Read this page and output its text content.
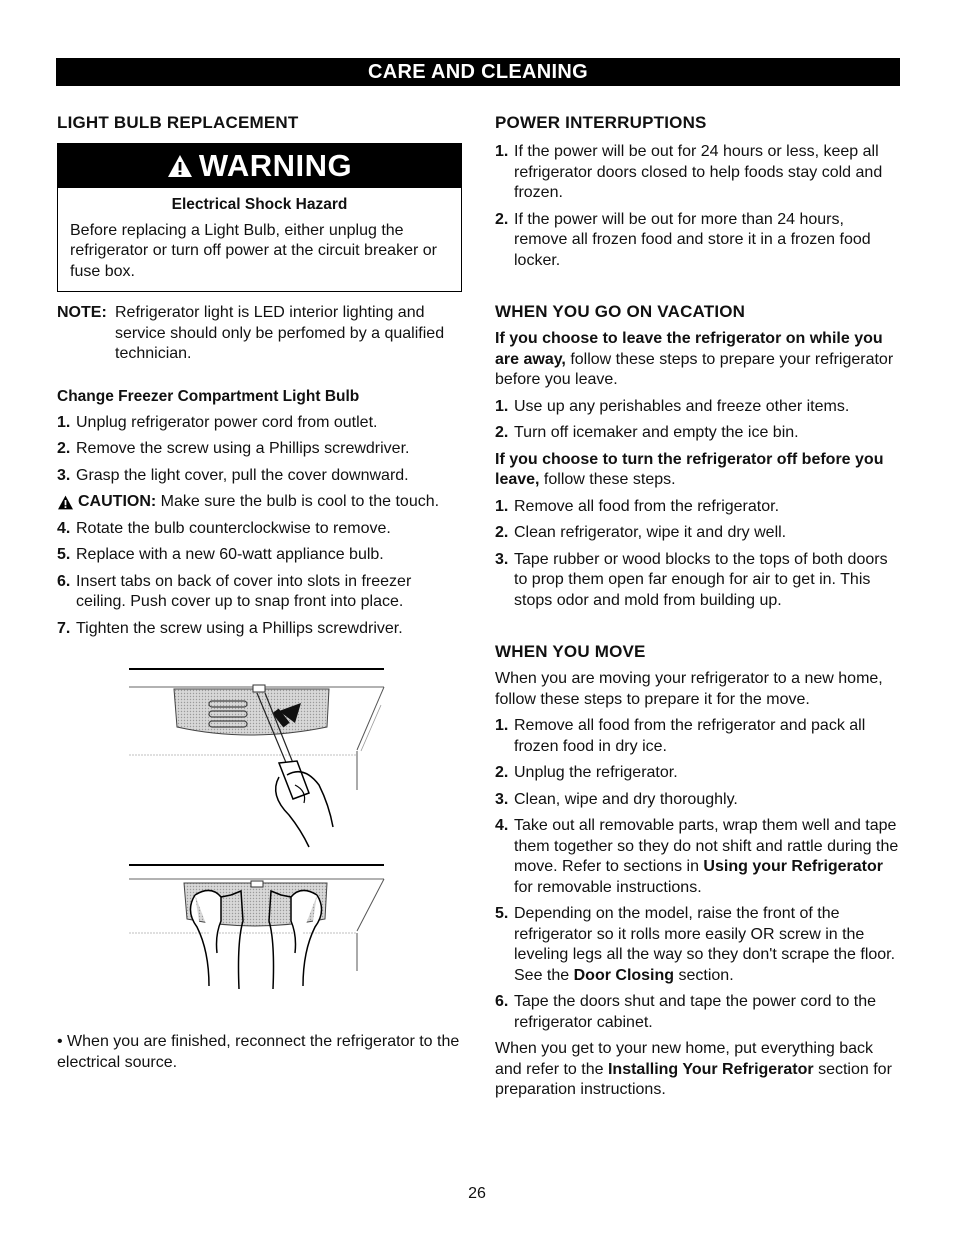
CARE AND CLEANING
LIGHT BULB REPLACEMENT
WARNING
Electrical Shock Hazard
Before replacing a Light Bulb, either unplug the refrigerator or turn off power at the circuit breaker or fuse box.
NOTE: Refrigerator light is LED interior lighting and service should only be perfomed by a qualified technician.
Change Freezer Compartment Light Bulb
1. Unplug refrigerator power cord from outlet.
2. Remove the screw using a Phillips screwdriver.
3. Grasp the light cover, pull the cover downward.
CAUTION: Make sure the bulb is cool to the touch.
4. Rotate the bulb counterclockwise to remove.
5. Replace with a new 60-watt appliance bulb.
6. Insert tabs on back of cover into slots in freezer ceiling. Push cover up to snap front into place.
7. Tighten the screw using a Phillips screwdriver.
• When you are finished, reconnect the refrigerator to the electrical source.
POWER INTERRUPTIONS
1. If the power will be out for 24 hours or less, keep all refrigerator doors closed to help foods stay cold and frozen.
2. If the power will be out for more than 24 hours, remove all frozen food and store it in a frozen food locker.
WHEN YOU GO ON VACATION
If you choose to leave the refrigerator on while you are away, follow these steps to prepare your refrigerator before you leave.
1. Use up any perishables and freeze other items.
2. Turn off icemaker and empty the ice bin.
If you choose to turn the refrigerator off before you leave, follow these steps.
1. Remove all food from the refrigerator.
2. Clean refrigerator, wipe it and dry well.
3. Tape rubber or wood blocks to the tops of both doors to prop them open far enough for air to get in. This stops odor and mold from building up.
WHEN YOU MOVE
When you are moving your refrigerator to a new home, follow these steps to prepare it for the move.
1. Remove all food from the refrigerator and pack all frozen food in dry ice.
2. Unplug the refrigerator.
3. Clean, wipe and dry thoroughly.
4. Take out all removable parts, wrap them well and tape them together so they do not shift and rattle during the move. Refer to sections in Using your Refrigerator for removable instructions.
5. Depending on the model, raise the front of the refrigerator so it rolls more easily OR screw in the leveling legs all the way so they don't scrape the floor. See the Door Closing section.
6. Tape the doors shut and tape the power cord to the refrigerator cabinet.
When you get to your new home, put everything back and refer to the Installing Your Refrigerator section for preparation instructions.
26
